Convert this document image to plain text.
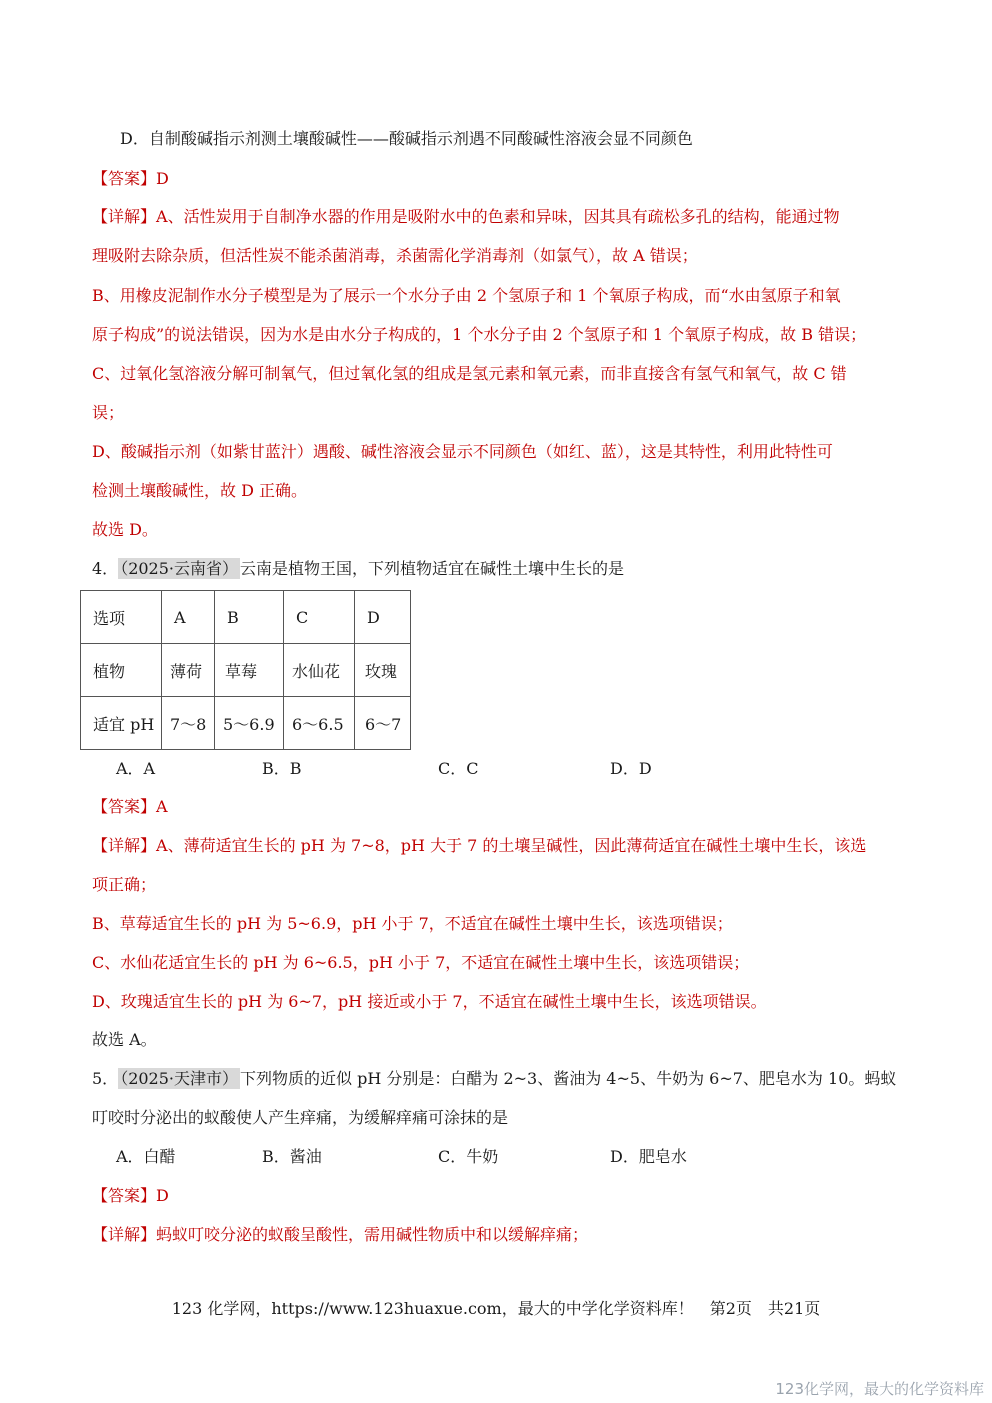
D．自制酸碱指示剂测土壤酸碱性——酸碱指示剂遇不同酸碱性溶液会显不同颜色
【答案】D
【详解】A、活性炭用于自制净水器的作用是吸附水中的色素和异味，因其具有疏松多孔的结构，能通过物
理吸附去除杂质，但活性炭不能杀菌消毒，杀菌需化学消毒剂（如氯气），故 A 错误；
B、用橡皮泥制作水分子模型是为了展示一个水分子由 2 个氢原子和 1 个氧原子构成，而“水由氢原子和氧
原子构成”的说法错误，因为水是由水分子构成的，1 个水分子由 2 个氢原子和 1 个氧原子构成，故 B 错误；
C、过氧化氢溶液分解可制氧气，但过氧化氢的组成是氢元素和氧元素，而非直接含有氢气和氧气，故 C 错
误；
D、酸碱指示剂（如紫甘蓝汁）遇酸、碱性溶液会显示不同颜色（如红、蓝），这是其特性，利用此特性可
检测土壤酸碱性，故 D 正确。
故选 D。
4． （2025·云南省） 云南是植物王国，下列植物适宜在碱性土壤中生长的是
选项	A	B	C	D
植物	薄荷	草莓	水仙花	玫瑰
适宜 pH	7～8	5～6.9	6～6.5	6～7
A．A	B．B	C．C	D．D
【答案】A
【详解】A、薄荷适宜生长的 pH 为 7~8，pH 大于 7 的土壤呈碱性，因此薄荷适宜在碱性土壤中生长，该选
项正确；
B、草莓适宜生长的 pH 为 5~6.9，pH 小于 7，不适宜在碱性土壤中生长，该选项错误；
C、水仙花适宜生长的 pH 为 6~6.5，pH 小于 7，不适宜在碱性土壤中生长，该选项错误；
D、玫瑰适宜生长的 pH 为 6~7，pH 接近或小于 7，不适宜在碱性土壤中生长，该选项错误。
故选 A。
5． （2025·天津市） 下列物质的近似 pH 分别是：白醋为 2~3、酱油为 4~5、牛奶为 6~7、肥皂水为 10。蚂蚁
叮咬时分泌出的蚁酸使人产生痒痛，为缓解痒痛可涂抹的是
A．白醋	B．酱油	C．牛奶	D．肥皂水
【答案】D
【详解】蚂蚁叮咬分泌的蚁酸呈酸性，需用碱性物质中和以缓解痒痛；
123 化学网，https://www.123huaxue.com，最大的中学化学资料库！　第2页　共21页
123化学网，最大的化学资料库
